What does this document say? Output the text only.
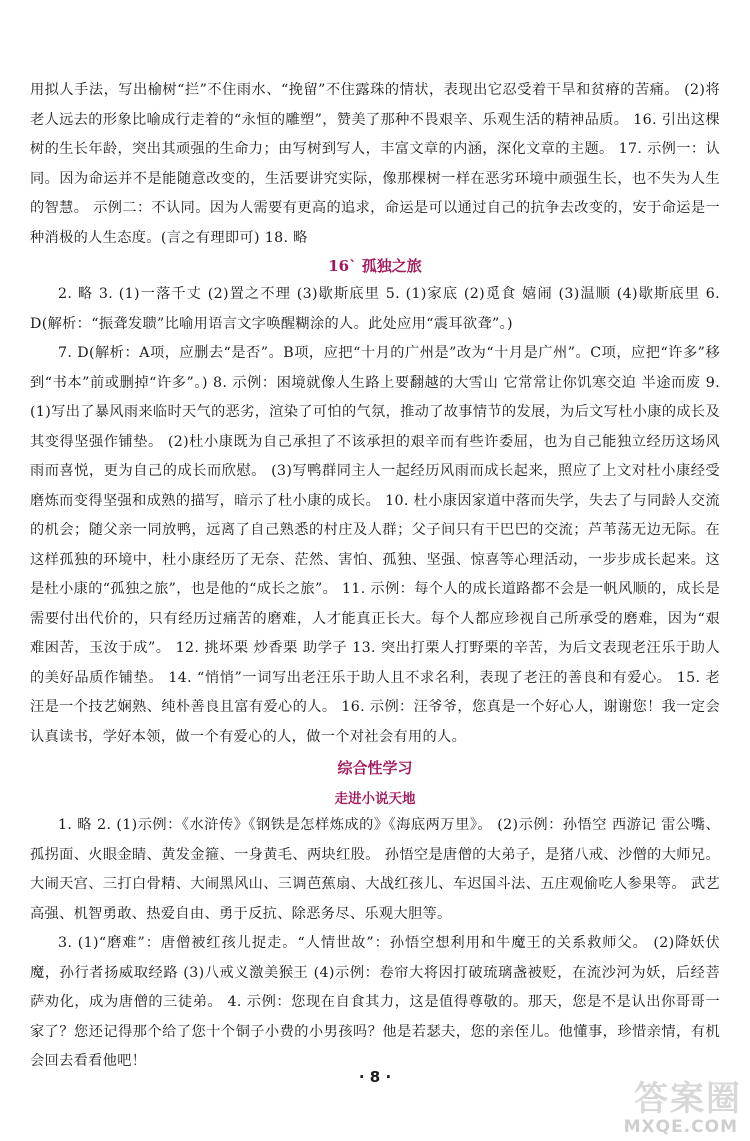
用拟人手法，写出榆树“拦”不住雨水、“挽留”不住露珠的情状，表现出它忍受着干旱和贫瘠的苦痛。 (2)将老人远去的形象比喻成行走着的“永恒的雕塑”，赞美了那种不畏艰辛、乐观生活的精神品质。 16. 引出这棵树的生长年龄，突出其顽强的生命力；由写树到写人，丰富文章的内涵，深化文章的主题。 17. 示例一：认同。因为命运并不是能随意改变的，生活要讲究实际，像那棵树一样在恶劣环境中顽强生长，也不失为人生的智慧。 示例二：不认同。因为人需要有更高的追求，命运是可以通过自己的抗争去改变的，安于命运是一种消极的人生态度。(言之有理即可) 18. 略

16` 孤独之旅

2. 略 3. (1)一落千丈 (2)置之不理 (3)歇斯底里 5. (1)家底 (2)觅食 嬉闹 (3)温顺 (4)歇斯底里 6. D(解析：“振聋发聩”比喻用语言文字唤醒糊涂的人。此处应用“震耳欲聋”。)

7. D(解析：A项，应删去“是否”。B项，应把“十月的广州是”改为“十月是广州”。C项，应把“许多”移到“书本”前或删掉“许多”。) 8. 示例：困境就像人生路上要翻越的大雪山 它常常让你饥寒交迫 半途而废 9. (1)写出了暴风雨来临时天气的恶劣，渲染了可怕的气氛，推动了故事情节的发展，为后文写杜小康的成长及其变得坚强作铺垫。 (2)杜小康既为自己承担了不该承担的艰辛而有些许委屈，也为自己能独立经历这场风雨而喜悦，更为自己的成长而欣慰。 (3)写鸭群同主人一起经历风雨而成长起来，照应了上文对杜小康经受磨炼而变得坚强和成熟的描写，暗示了杜小康的成长。 10. 杜小康因家道中落而失学，失去了与同龄人交流的机会；随父亲一同放鸭，远离了自己熟悉的村庄及人群；父子间只有干巴巴的交流；芦苇荡无边无际。在这样孤独的环境中，杜小康经历了无奈、茫然、害怕、孤独、坚强、惊喜等心理活动，一步步成长起来。这是杜小康的“孤独之旅”，也是他的“成长之旅”。 11. 示例：每个人的成长道路都不会是一帆风顺的，成长是需要付出代价的，只有经历过痛苦的磨难，人才能真正长大。每个人都应珍视自己所承受的磨难，因为“艰难困苦，玉汝于成”。 12. 挑坏栗 炒香栗 助学子 13. 突出打栗人打野栗的辛苦，为后文表现老汪乐于助人的美好品质作铺垫。 14. “悄悄”一词写出老汪乐于助人且不求名利，表现了老汪的善良和有爱心。 15. 老汪是一个技艺娴熟、纯朴善良且富有爱心的人。 16. 示例：汪爷爷，您真是一个好心人，谢谢您！我一定会认真读书，学好本领，做一个有爱心的人，做一个对社会有用的人。

综合性学习
走进小说天地

1. 略 2. (1)示例：《水浒传》《钢铁是怎样炼成的》《海底两万里》。 (2)示例：孙悟空 西游记 雷公嘴、孤拐面、火眼金睛、黄发金箍、一身黄毛、两块红股。 孙悟空是唐僧的大弟子，是猪八戒、沙僧的大师兄。 大闹天宫、三打白骨精、大闹黑风山、三调芭蕉扇、大战红孩儿、车迟国斗法、五庄观偷吃人参果等。 武艺高强、机智勇敢、热爱自由、勇于反抗、除恶务尽、乐观大胆等。

3. (1)“磨难”：唐僧被红孩儿捉走。“人情世故”：孙悟空想利用和牛魔王的关系救师父。 (2)降妖伏魔，孙行者扬威取经路 (3)八戒义激美猴王 (4)示例：卷帘大将因打破琉璃盏被贬，在流沙河为妖，后经菩萨劝化，成为唐僧的三徒弟。 4. 示例：您现在自食其力，这是值得尊敬的。那天，您是不是认出你哥哥一家了？您还记得那个给了您十个铜子小费的小男孩吗？他是若瑟夫，您的亲侄儿。他懂事，珍惜亲情，有机会回去看看他吧！

· 8 ·
答案圈
MXQE.COM
